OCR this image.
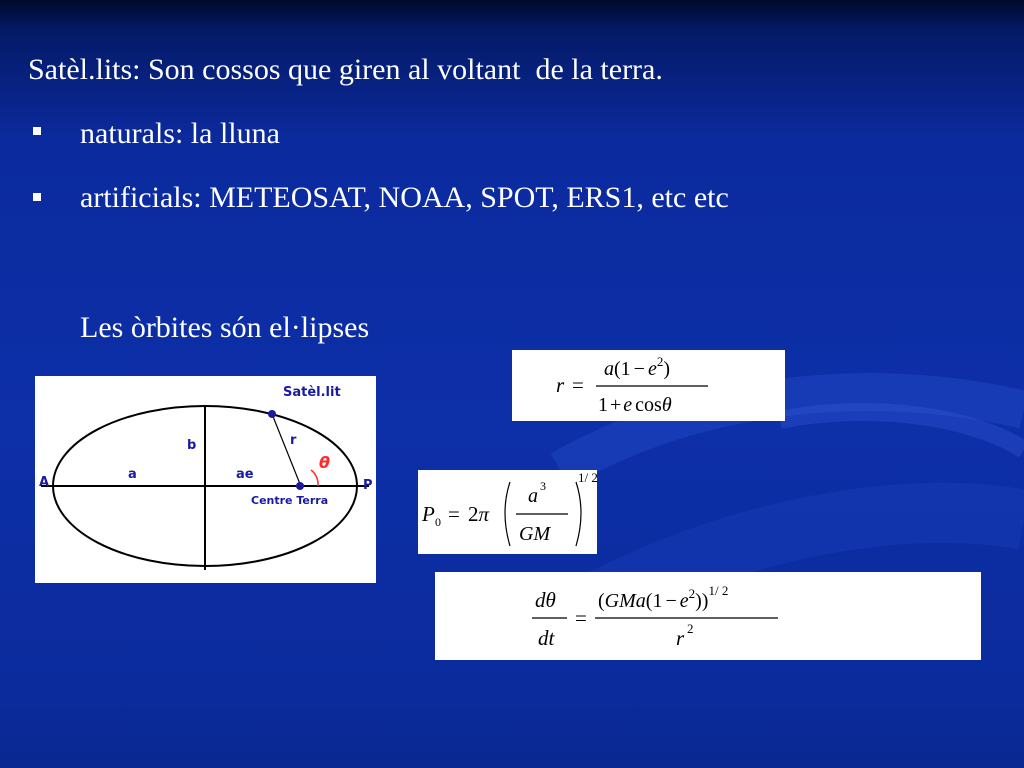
Satèl.lits: Son cossos que giren al voltant  de la terra.
naturals: la lluna
artificials: METEOSAT, NOAA, SPOT, ERS1, etc etc
Les òrbites són el·lipses
Satèl.lit
r
b
a	ae
θ
A	P
Centre Terra
r =
$a(1 - e^2)$
1 + e cosθ
P 0 = 2π
a 3
GM
1/ 2
dθ
dt
=
$(GMa(1 - e^2))^{1/ 2}$
r 2
